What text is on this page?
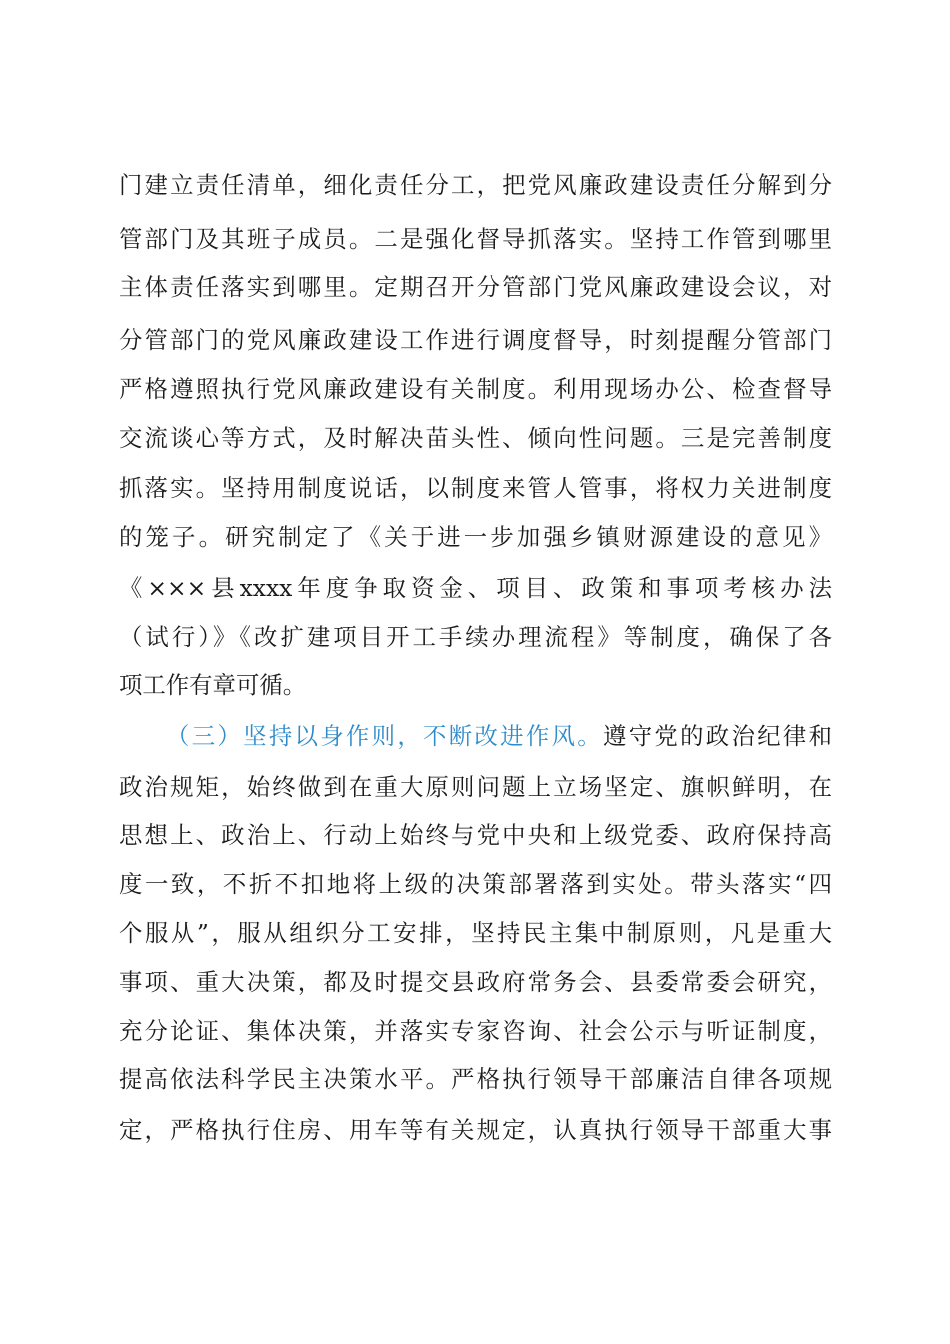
门建立责任清单，细化责任分工，把党风廉政建设责任分解到分
管部门及其班子成员。二是强化督导抓落实。坚持工作管到哪里
主体责任落实到哪里。定期召开分管部门党风廉政建设会议，对
分管部门的党风廉政建设工作进行调度督导，时刻提醒分管部门
严格遵照执行党风廉政建设有关制度。利用现场办公、检查督导
交流谈心等方式，及时解决苗头性、倾向性问题。三是完善制度
抓落实。坚持用制度说话，以制度来管人管事，将权力关进制度
的笼子。研究制定了《关于进一步加强乡镇财源建设的意见》
《×××县xxxx年度争取资金、项目、政策和事项考核办法
（试行）》《改扩建项目开工手续办理流程》等制度，确保了各
项工作有章可循。
（三）坚持以身作则，不断改进作风。遵守党的政治纪律和
政治规矩，始终做到在重大原则问题上立场坚定、旗帜鲜明，在
思想上、政治上、行动上始终与党中央和上级党委、政府保持高
度一致，不折不扣地将上级的决策部署落到实处。带头落实“四
个服从”，服从组织分工安排，坚持民主集中制原则，凡是重大
事项、重大决策，都及时提交县政府常务会、县委常委会研究，
充分论证、集体决策，并落实专家咨询、社会公示与听证制度，
提高依法科学民主决策水平。严格执行领导干部廉洁自律各项规
定，严格执行住房、用车等有关规定，认真执行领导干部重大事
